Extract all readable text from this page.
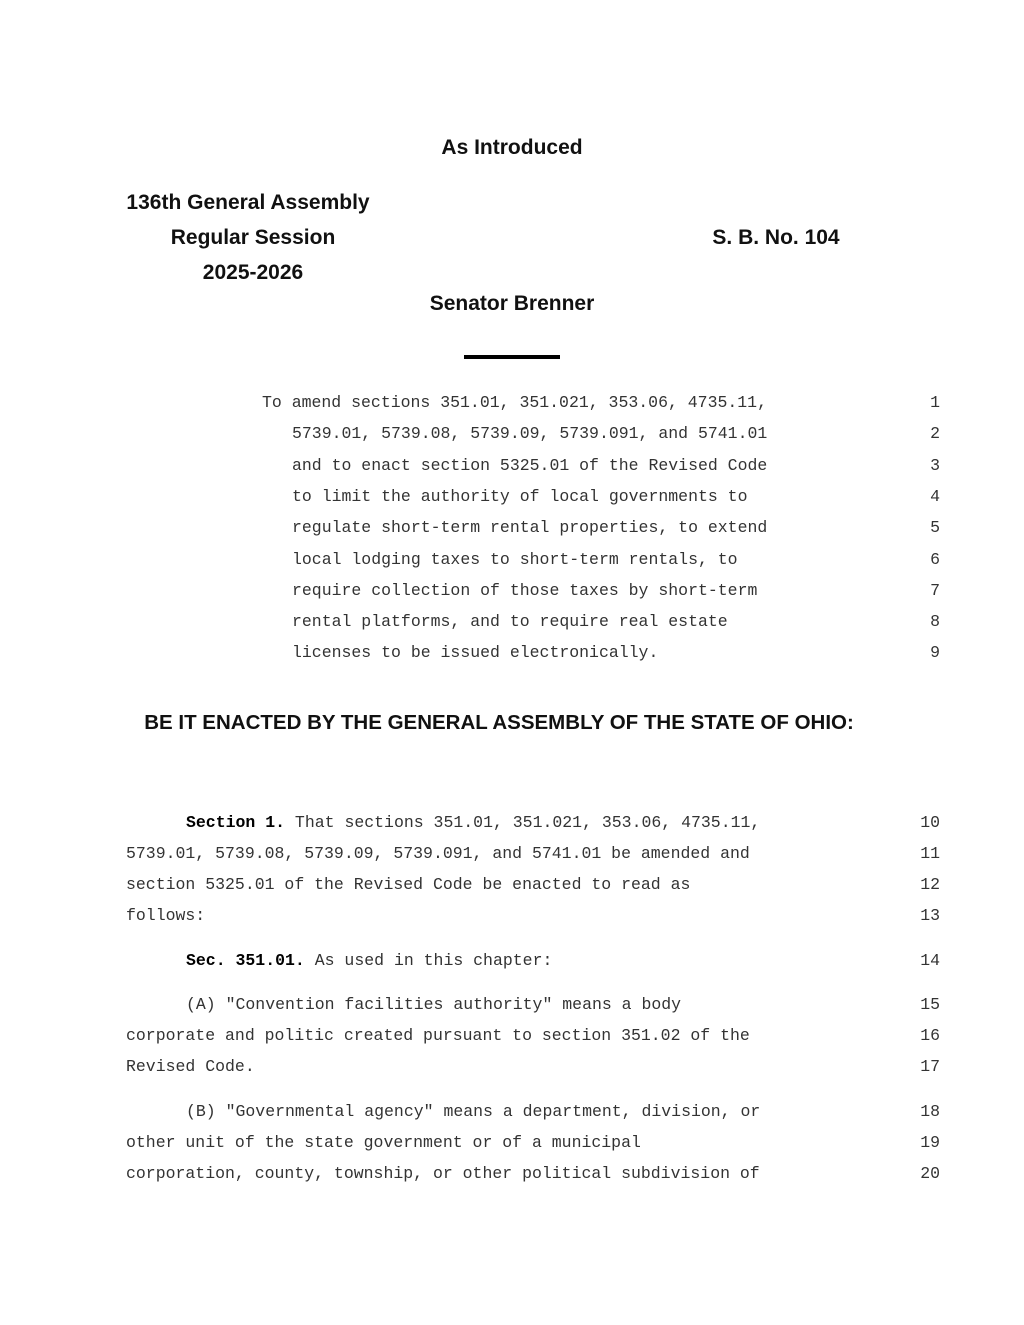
As Introduced
136th General Assembly
Regular Session
2025-2026
S. B. No. 104
Senator Brenner
To amend sections 351.01, 351.021, 353.06, 4735.11,	1
5739.01, 5739.08, 5739.09, 5739.091, and 5741.01	2
and to enact section 5325.01 of the Revised Code	3
to limit the authority of local governments to	4
regulate short-term rental properties, to extend	5
local lodging taxes to short-term rentals, to	6
require collection of those taxes by short-term	7
rental platforms, and to require real estate	8
licenses to be issued electronically.	9
BE IT ENACTED BY THE GENERAL ASSEMBLY OF THE STATE OF OHIO:
Section 1. That sections 351.01, 351.021, 353.06, 4735.11,	10
5739.01, 5739.08, 5739.09, 5739.091, and 5741.01 be amended and	11
section 5325.01 of the Revised Code be enacted to read as	12
follows:	13
Sec. 351.01. As used in this chapter:	14
(A) "Convention facilities authority" means a body	15
corporate and politic created pursuant to section 351.02 of the	16
Revised Code.	17
(B) "Governmental agency" means a department, division, or	18
other unit of the state government or of a municipal	19
corporation, county, township, or other political subdivision of	20
